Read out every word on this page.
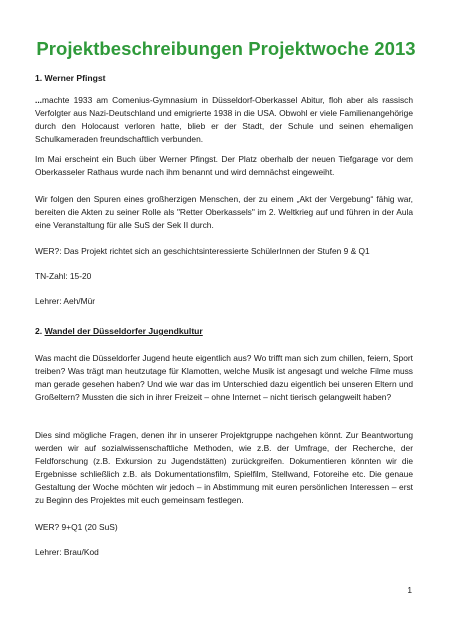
Projektbeschreibungen Projektwoche 2013

1. Werner Pfingst

...machte 1933 am Comenius-Gymnasium in Düsseldorf-Oberkassel Abitur, floh aber als rassisch Verfolgter aus Nazi-Deutschland und emigrierte 1938 in die USA. Obwohl er viele Familienangehörige durch den Holocaust verloren hatte, blieb er der Stadt, der Schule und seinen ehemaligen Schulkameraden freundschaftlich verbunden.

Im Mai erscheint ein Buch über Werner Pfingst. Der Platz oberhalb der neuen Tiefgarage vor dem Oberkasseler Rathaus wurde nach ihm benannt und wird demnächst eingeweiht.
Wir folgen den Spuren eines großherzigen Menschen, der zu einem „Akt der Vergebung“ fähig war, bereiten die Akten zu seiner Rolle als "Retter Oberkassels" im 2. Weltkrieg auf und führen in der Aula eine Veranstaltung für alle SuS der Sek II durch.
WER?: Das Projekt richtet sich an geschichtsinteressierte SchülerInnen der Stufen 9 & Q1
TN-Zahl: 15-20
Lehrer: Aeh/Mür

2. Wandel der Düsseldorfer Jugendkultur

Was macht die Düsseldorfer Jugend heute eigentlich aus? Wo trifft man sich zum chillen, feiern, Sport treiben? Was trägt man heutzutage für Klamotten, welche Musik ist angesagt und welche Filme muss man gerade gesehen haben? Und wie war das im Unterschied dazu eigentlich bei unseren Eltern und Großeltern? Mussten die sich in ihrer Freizeit – ohne Internet – nicht tierisch gelangweilt haben?
Dies sind mögliche Fragen, denen ihr in unserer Projektgruppe nachgehen könnt. Zur Beantwortung werden wir auf sozialwissenschaftliche Methoden, wie z.B. der Umfrage, der Recherche, der Feldforschung (z.B. Exkursion zu Jugendstätten) zurückgreifen. Dokumentieren könnten wir die Ergebnisse schließlich z.B. als Dokumentationsfilm, Spielfilm, Stellwand, Fotoreihe etc. Die genaue Gestaltung der Woche möchten wir jedoch – in Abstimmung mit euren persönlichen Interessen – erst zu Beginn des Projektes mit euch gemeinsam festlegen.
WER? 9+Q1 (20 SuS)
Lehrer: Brau/Kod
1
